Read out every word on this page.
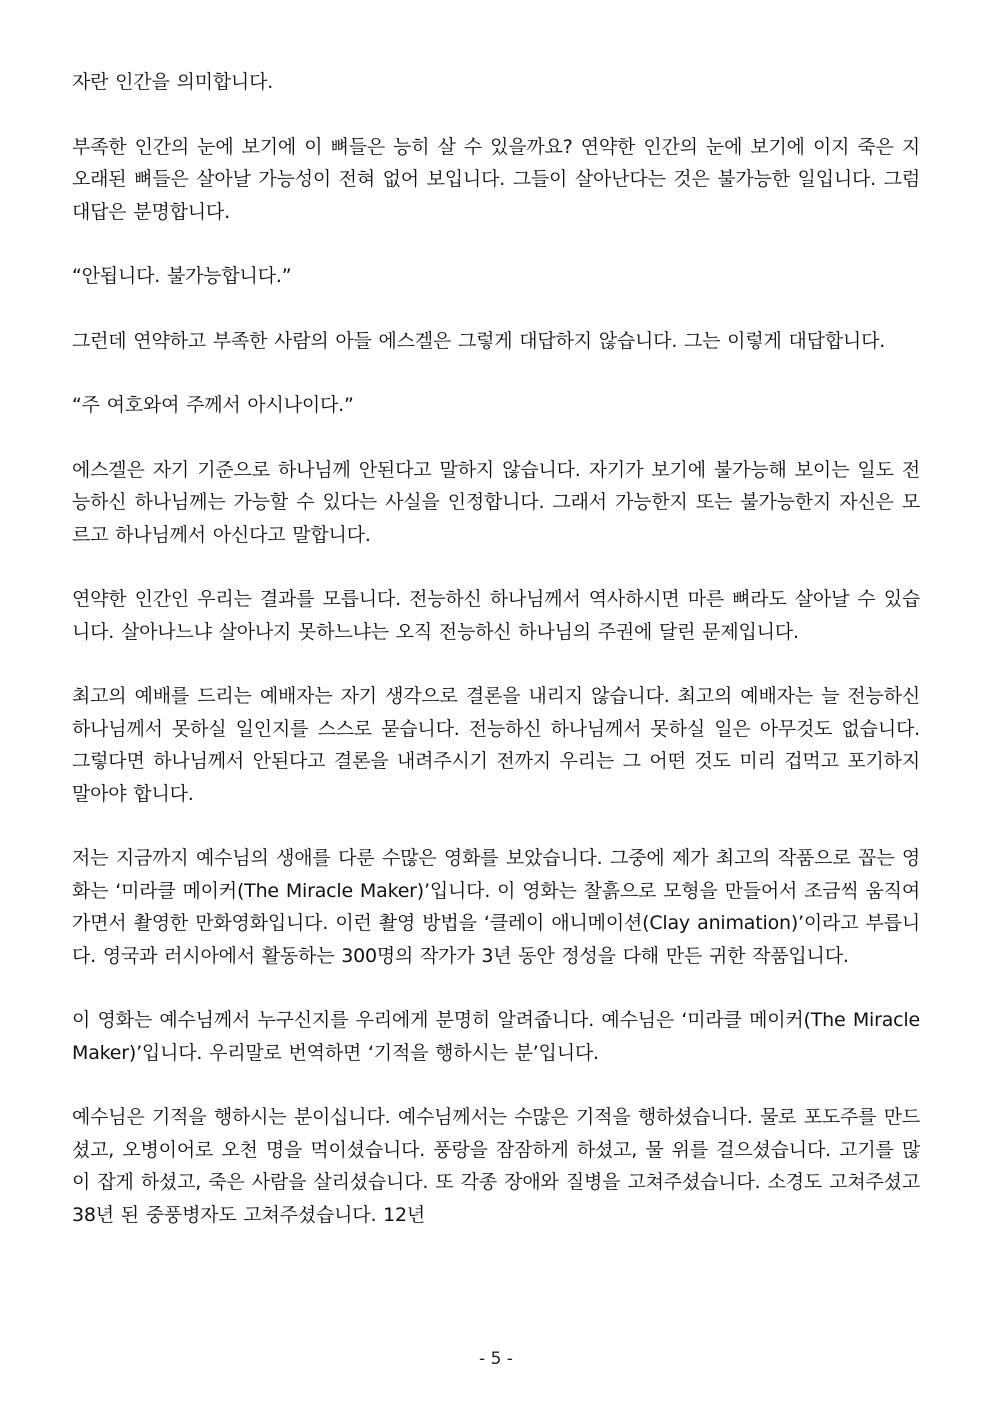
자란 인간을 의미합니다.

부족한 인간의 눈에 보기에 이 뼈들은 능히 살 수 있을까요? 연약한 인간의 눈에 보기에 이지 죽은 지 오래된 뼈들은 살아날 가능성이 전혀 없어 보입니다. 그들이 살아난다는 것은 불가능한 일입니다. 그럼 대답은 분명합니다.

“안됩니다. 불가능합니다.”

그런데 연약하고 부족한 사람의 아들 에스겔은 그렇게 대답하지 않습니다. 그는 이렇게 대답합니다.

“주 여호와여 주께서 아시나이다.”

에스겔은 자기 기준으로 하나님께 안된다고 말하지 않습니다. 자기가 보기에 불가능해 보이는 일도 전능하신 하나님께는 가능할 수 있다는 사실을 인정합니다. 그래서 가능한지 또는 불가능한지 자신은 모르고 하나님께서 아신다고 말합니다.

연약한 인간인 우리는 결과를 모릅니다. 전능하신 하나님께서 역사하시면 마른 뼈라도 살아날 수 있습니다. 살아나느냐 살아나지 못하느냐는 오직 전능하신 하나님의 주권에 달린 문제입니다.

최고의 예배를 드리는 예배자는 자기 생각으로 결론을 내리지 않습니다. 최고의 예배자는 늘 전능하신 하나님께서 못하실 일인지를 스스로 묻습니다. 전능하신 하나님께서 못하실 일은 아무것도 없습니다. 그렇다면 하나님께서 안된다고 결론을 내려주시기 전까지 우리는 그 어떤 것도 미리 겁먹고 포기하지 말아야 합니다.

저는 지금까지 예수님의 생애를 다룬 수많은 영화를 보았습니다. 그중에 제가 최고의 작품으로 꼽는 영화는 ‘미라클 메이커(The Miracle Maker)’입니다. 이 영화는 찰흙으로 모형을 만들어서 조금씩 움직여 가면서 촬영한 만화영화입니다. 이런 촬영 방법을 ‘클레이 애니메이션(Clay animation)’이라고 부릅니다. 영국과 러시아에서 활동하는 300명의 작가가 3년 동안 정성을 다해 만든 귀한 작품입니다.

이 영화는 예수님께서 누구신지를 우리에게 분명히 알려줍니다. 예수님은 ‘미라클 메이커(The Miracle Maker)’입니다. 우리말로 번역하면 ‘기적을 행하시는 분’입니다.

예수님은 기적을 행하시는 분이십니다. 예수님께서는 수많은 기적을 행하셨습니다. 물로 포도주를 만드셨고, 오병이어로 오천 명을 먹이셨습니다. 풍랑을 잠잠하게 하셨고, 물 위를 걸으셨습니다. 고기를 많이 잡게 하셨고, 죽은 사람을 살리셨습니다. 또 각종 장애와 질병을 고쳐주셨습니다. 소경도 고쳐주셨고 38년 된 중풍병자도 고쳐주셨습니다. 12년

- 5 -
